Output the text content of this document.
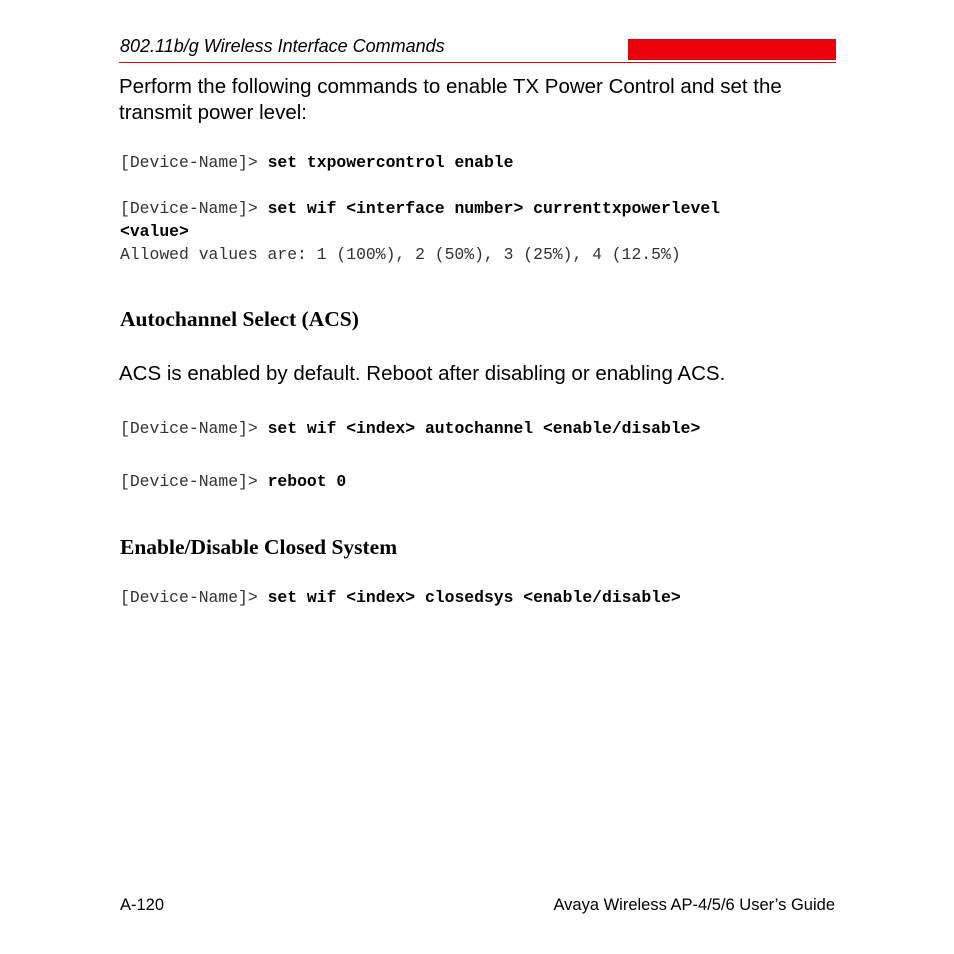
802.11b/g Wireless Interface Commands
Perform the following commands to enable TX Power Control and set the
transmit power level:
[Device-Name]> set txpowercontrol enable
[Device-Name]> set wif <interface number> currenttxpowerlevel
<value>
Allowed values are: 1 (100%), 2 (50%), 3 (25%), 4 (12.5%)
Autochannel Select (ACS)
ACS is enabled by default. Reboot after disabling or enabling ACS.
[Device-Name]> set wif <index> autochannel <enable/disable>
[Device-Name]> reboot 0
Enable/Disable Closed System
[Device-Name]> set wif <index> closedsys <enable/disable>
A-120	Avaya Wireless AP-4/5/6 User’s Guide
